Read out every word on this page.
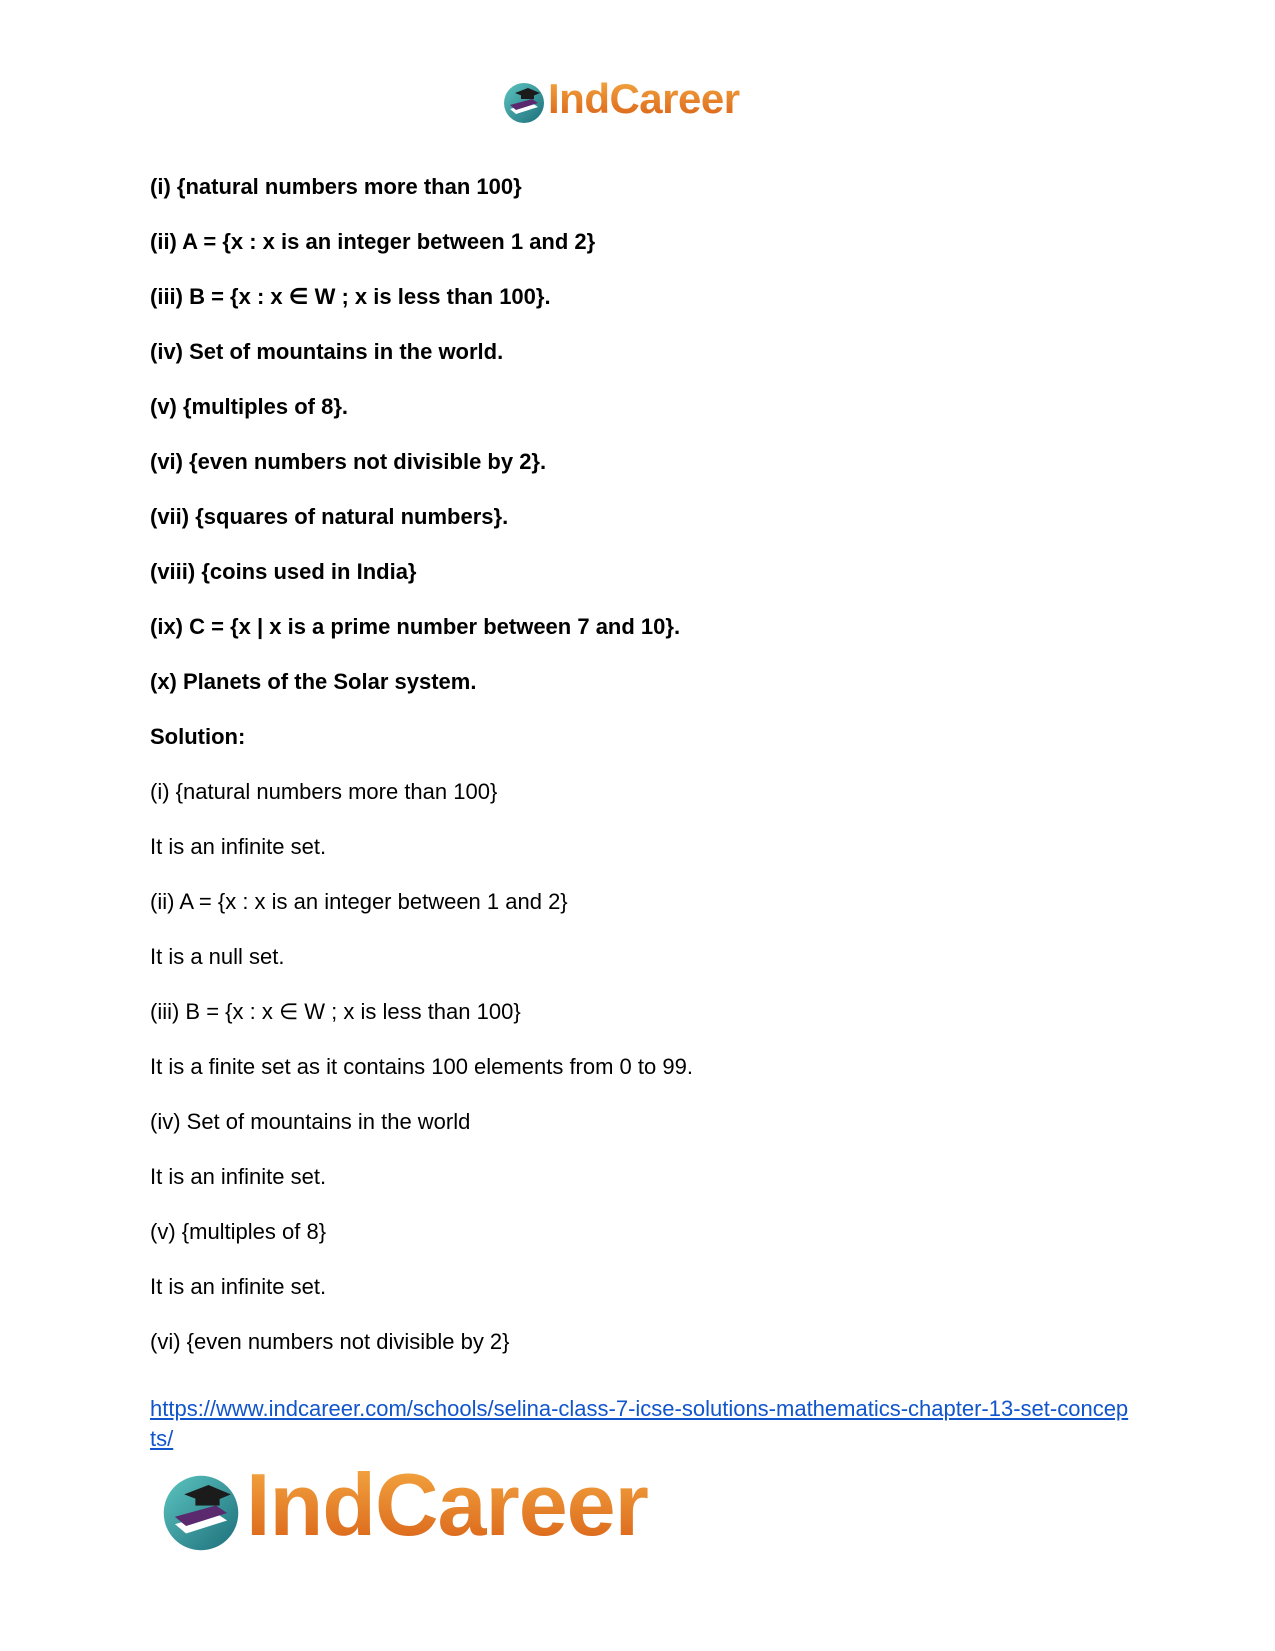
IndCareer
(i) {natural numbers more than 100}
(ii) A = {x : x is an integer between 1 and 2}
(iii) B = {x : x ∈ W ; x is less than 100}.
(iv) Set of mountains in the world.
(v) {multiples of 8}.
(vi) {even numbers not divisible by 2}.
(vii) {squares of natural numbers}.
(viii) {coins used in India}
(ix) C = {x | x is a prime number between 7 and 10}.
(x) Planets of the Solar system.
Solution:
(i) {natural numbers more than 100}
It is an infinite set.
(ii) A = {x : x is an integer between 1 and 2}
It is a null set.
(iii) B = {x : x ∈ W ; x is less than 100}
It is a finite set as it contains 100 elements from 0 to 99.
(iv) Set of mountains in the world
It is an infinite set.
(v) {multiples of 8}
It is an infinite set.
(vi) {even numbers not divisible by 2}
https://www.indcareer.com/schools/selina-class-7-icse-solutions-mathematics-chapter-13-set-concepts/
IndCareer
